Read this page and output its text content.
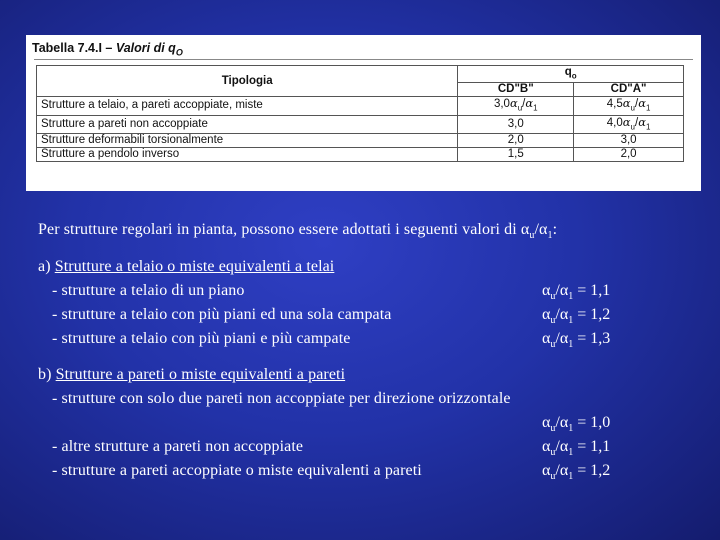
Tabella 7.4.I – Valori di $q_O$
Tipologia	$q_o$
	CD"B"	CD"A"
Strutture a telaio, a pareti accoppiate, miste	$3,0\alpha_u/\alpha_1$	$4,5\alpha_u/\alpha_1$
Strutture a pareti non accoppiate	3,0	$4,0\alpha_u/\alpha_1$
Strutture deformabili torsionalmente	2,0	3,0
Strutture a pendolo inverso	1,5	2,0
Per strutture regolari in pianta, possono essere adottati i seguenti valori di $\alpha_u/\alpha_1$:
a) Strutture a telaio o miste equivalenti a telai
- strutture a telaio di un piano	$\alpha_u/\alpha_1 = 1,1$
- strutture a telaio con più piani ed una sola campata	$\alpha_u/\alpha_1 = 1,2$
- strutture a telaio con più piani e più campate	$\alpha_u/\alpha_1 = 1,3$
b) Strutture a pareti o miste equivalenti a pareti
- strutture con solo due pareti non accoppiate per direzione orizzontale
$\alpha_u/\alpha_1 = 1,0$
- altre strutture a pareti non accoppiate	$\alpha_u/\alpha_1 = 1,1$
- strutture a pareti accoppiate o miste equivalenti a pareti	$\alpha_u/\alpha_1 = 1,2$
